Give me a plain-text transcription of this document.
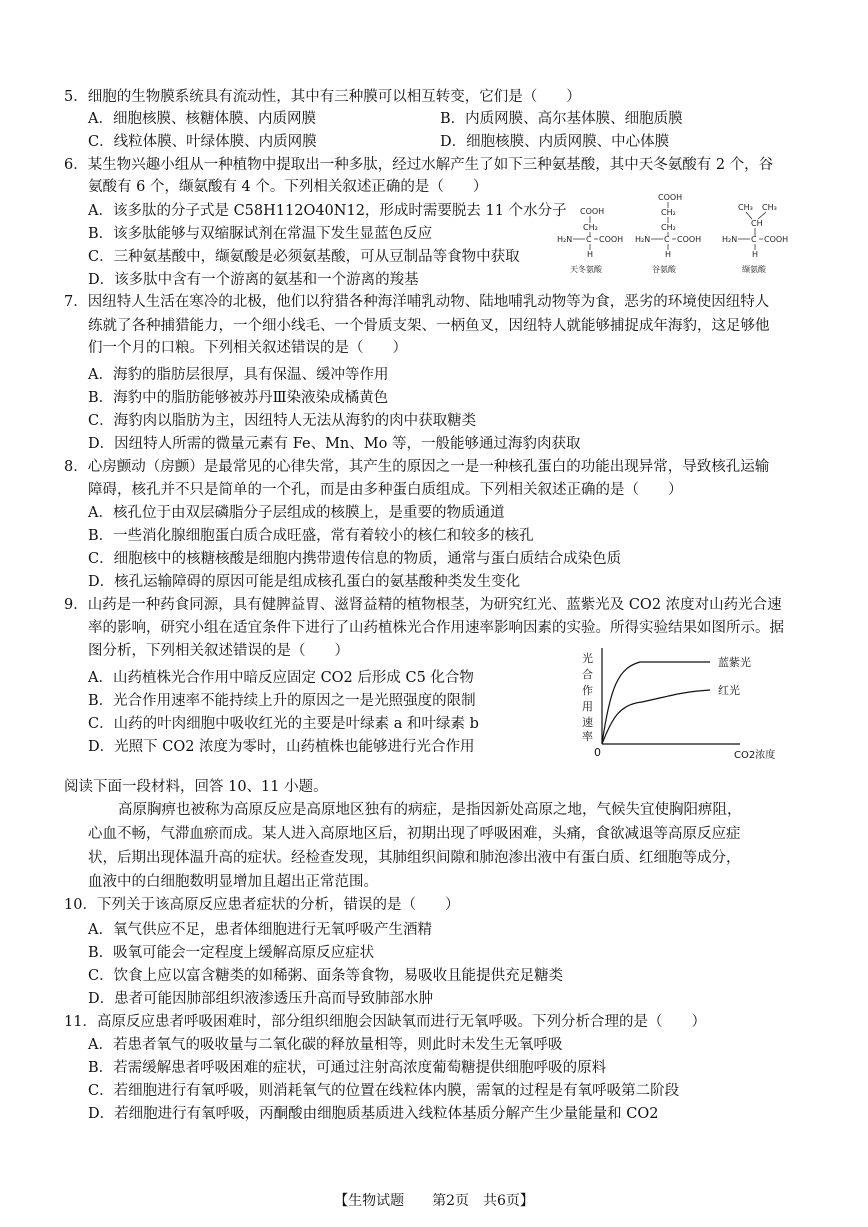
5．细胞的生物膜系统具有流动性，其中有三种膜可以相互转变，它们是（　　）
A．细胞核膜、核糖体膜、内质网膜	B．内质网膜、高尔基体膜、细胞质膜
C．线粒体膜、叶绿体膜、内质网膜	D．细胞核膜、内质网膜、中心体膜
6．某生物兴趣小组从一种植物中提取出一种多肽，经过水解产生了如下三种氨基酸，其中天冬氨酸有 2 个，谷
氨酸有 6 个，缬氨酸有 4 个。下列相关叙述正确的是（　　）
A．该多肽的分子式是 C58H112O40N12，形成时需要脱去 11 个水分子
B．该多肽能够与双缩脲试剂在常温下发生显蓝色反应
C．三种氨基酸中，缬氨酸是必须氨基酸，可从豆制品等食物中获取
D．该多肽中含有一个游离的氨基和一个游离的羧基
COOH
CH₂
H₂N C COOH
H
天冬氨酸
COOH
CH₂
CH₂
H₂N C COOH
H
谷氨酸
CH₃ CH₃
CH
H₂N C COOH
H
缬氨酸
7．因纽特人生活在寒冷的北极，他们以狩猎各种海洋哺乳动物、陆地哺乳动物等为食，恶劣的环境使因纽特人
练就了各种捕猎能力，一个细小线毛、一个骨质支架、一柄鱼叉，因纽特人就能够捕捉成年海豹，这足够他
们一个月的口粮。下列相关叙述错误的是（　　）
A．海豹的脂肪层很厚，具有保温、缓冲等作用
B．海豹中的脂肪能够被苏丹Ⅲ染液染成橘黄色
C．海豹肉以脂肪为主，因纽特人无法从海豹的肉中获取糖类
D．因纽特人所需的微量元素有 Fe、Mn、Mo 等，一般能够通过海豹肉获取
8．心房颤动（房颤）是最常见的心律失常，其产生的原因之一是一种核孔蛋白的功能出现异常，导致核孔运输
障碍，核孔并不只是简单的一个孔，而是由多种蛋白质组成。下列相关叙述正确的是（　　）
A．核孔位于由双层磷脂分子层组成的核膜上，是重要的物质通道
B．一些消化腺细胞蛋白质合成旺盛，常有着较小的核仁和较多的核孔
C．细胞核中的核糖核酸是细胞内携带遗传信息的物质，通常与蛋白质结合成染色质
D．核孔运输障碍的原因可能是组成核孔蛋白的氨基酸种类发生变化
9．山药是一种药食同源，具有健脾益胃、滋肾益精的植物根茎，为研究红光、蓝紫光及 CO2 浓度对山药光合速
率的影响，研究小组在适宜条件下进行了山药植株光合作用速率影响因素的实验。所得实验结果如图所示。据
图分析，下列相关叙述错误的是（　　）
A．山药植株光合作用中暗反应固定 CO2 后形成 C5 化合物
B．光合作用速率不能持续上升的原因之一是光照强度的限制
C．山药的叶肉细胞中吸收红光的主要是叶绿素 a 和叶绿素 b
D．光照下 CO2 浓度为零时，山药植株也能够进行光合作用
光
合
作
用
速
率
蓝紫光
红光
0	CO2浓度
阅读下面一段材料，回答 10、11 小题。
高原胸痹也被称为高原反应是高原地区独有的病症，是指因新处高原之地，气候失宜使胸阳痹阻，
心血不畅，气滞血瘀而成。某人进入高原地区后，初期出现了呼吸困难，头痛，食欲减退等高原反应症
状，后期出现体温升高的症状。经检查发现，其肺组织间隙和肺泡渗出液中有蛋白质、红细胞等成分，
血液中的白细胞数明显增加且超出正常范围。
10．下列关于该高原反应患者症状的分析，错误的是（　　）
A．氧气供应不足，患者体细胞进行无氧呼吸产生酒精
B．吸氧可能会一定程度上缓解高原反应症状
C．饮食上应以富含糖类的如稀粥、面条等食物，易吸收且能提供充足糖类
D．患者可能因肺部组织液渗透压升高而导致肺部水肿
11．高原反应患者呼吸困难时，部分组织细胞会因缺氧而进行无氧呼吸。下列分析合理的是（　　）
A．若患者氧气的吸收量与二氧化碳的释放量相等，则此时未发生无氧呼吸
B．若需缓解患者呼吸困难的症状，可通过注射高浓度葡萄糖提供细胞呼吸的原料
C．若细胞进行有氧呼吸，则消耗氧气的位置在线粒体内膜，需氧的过程是有氧呼吸第二阶段
D．若细胞进行有氧呼吸，丙酮酸由细胞质基质进入线粒体基质分解产生少量能量和 CO2
【生物试题　　第2页　共6页】
